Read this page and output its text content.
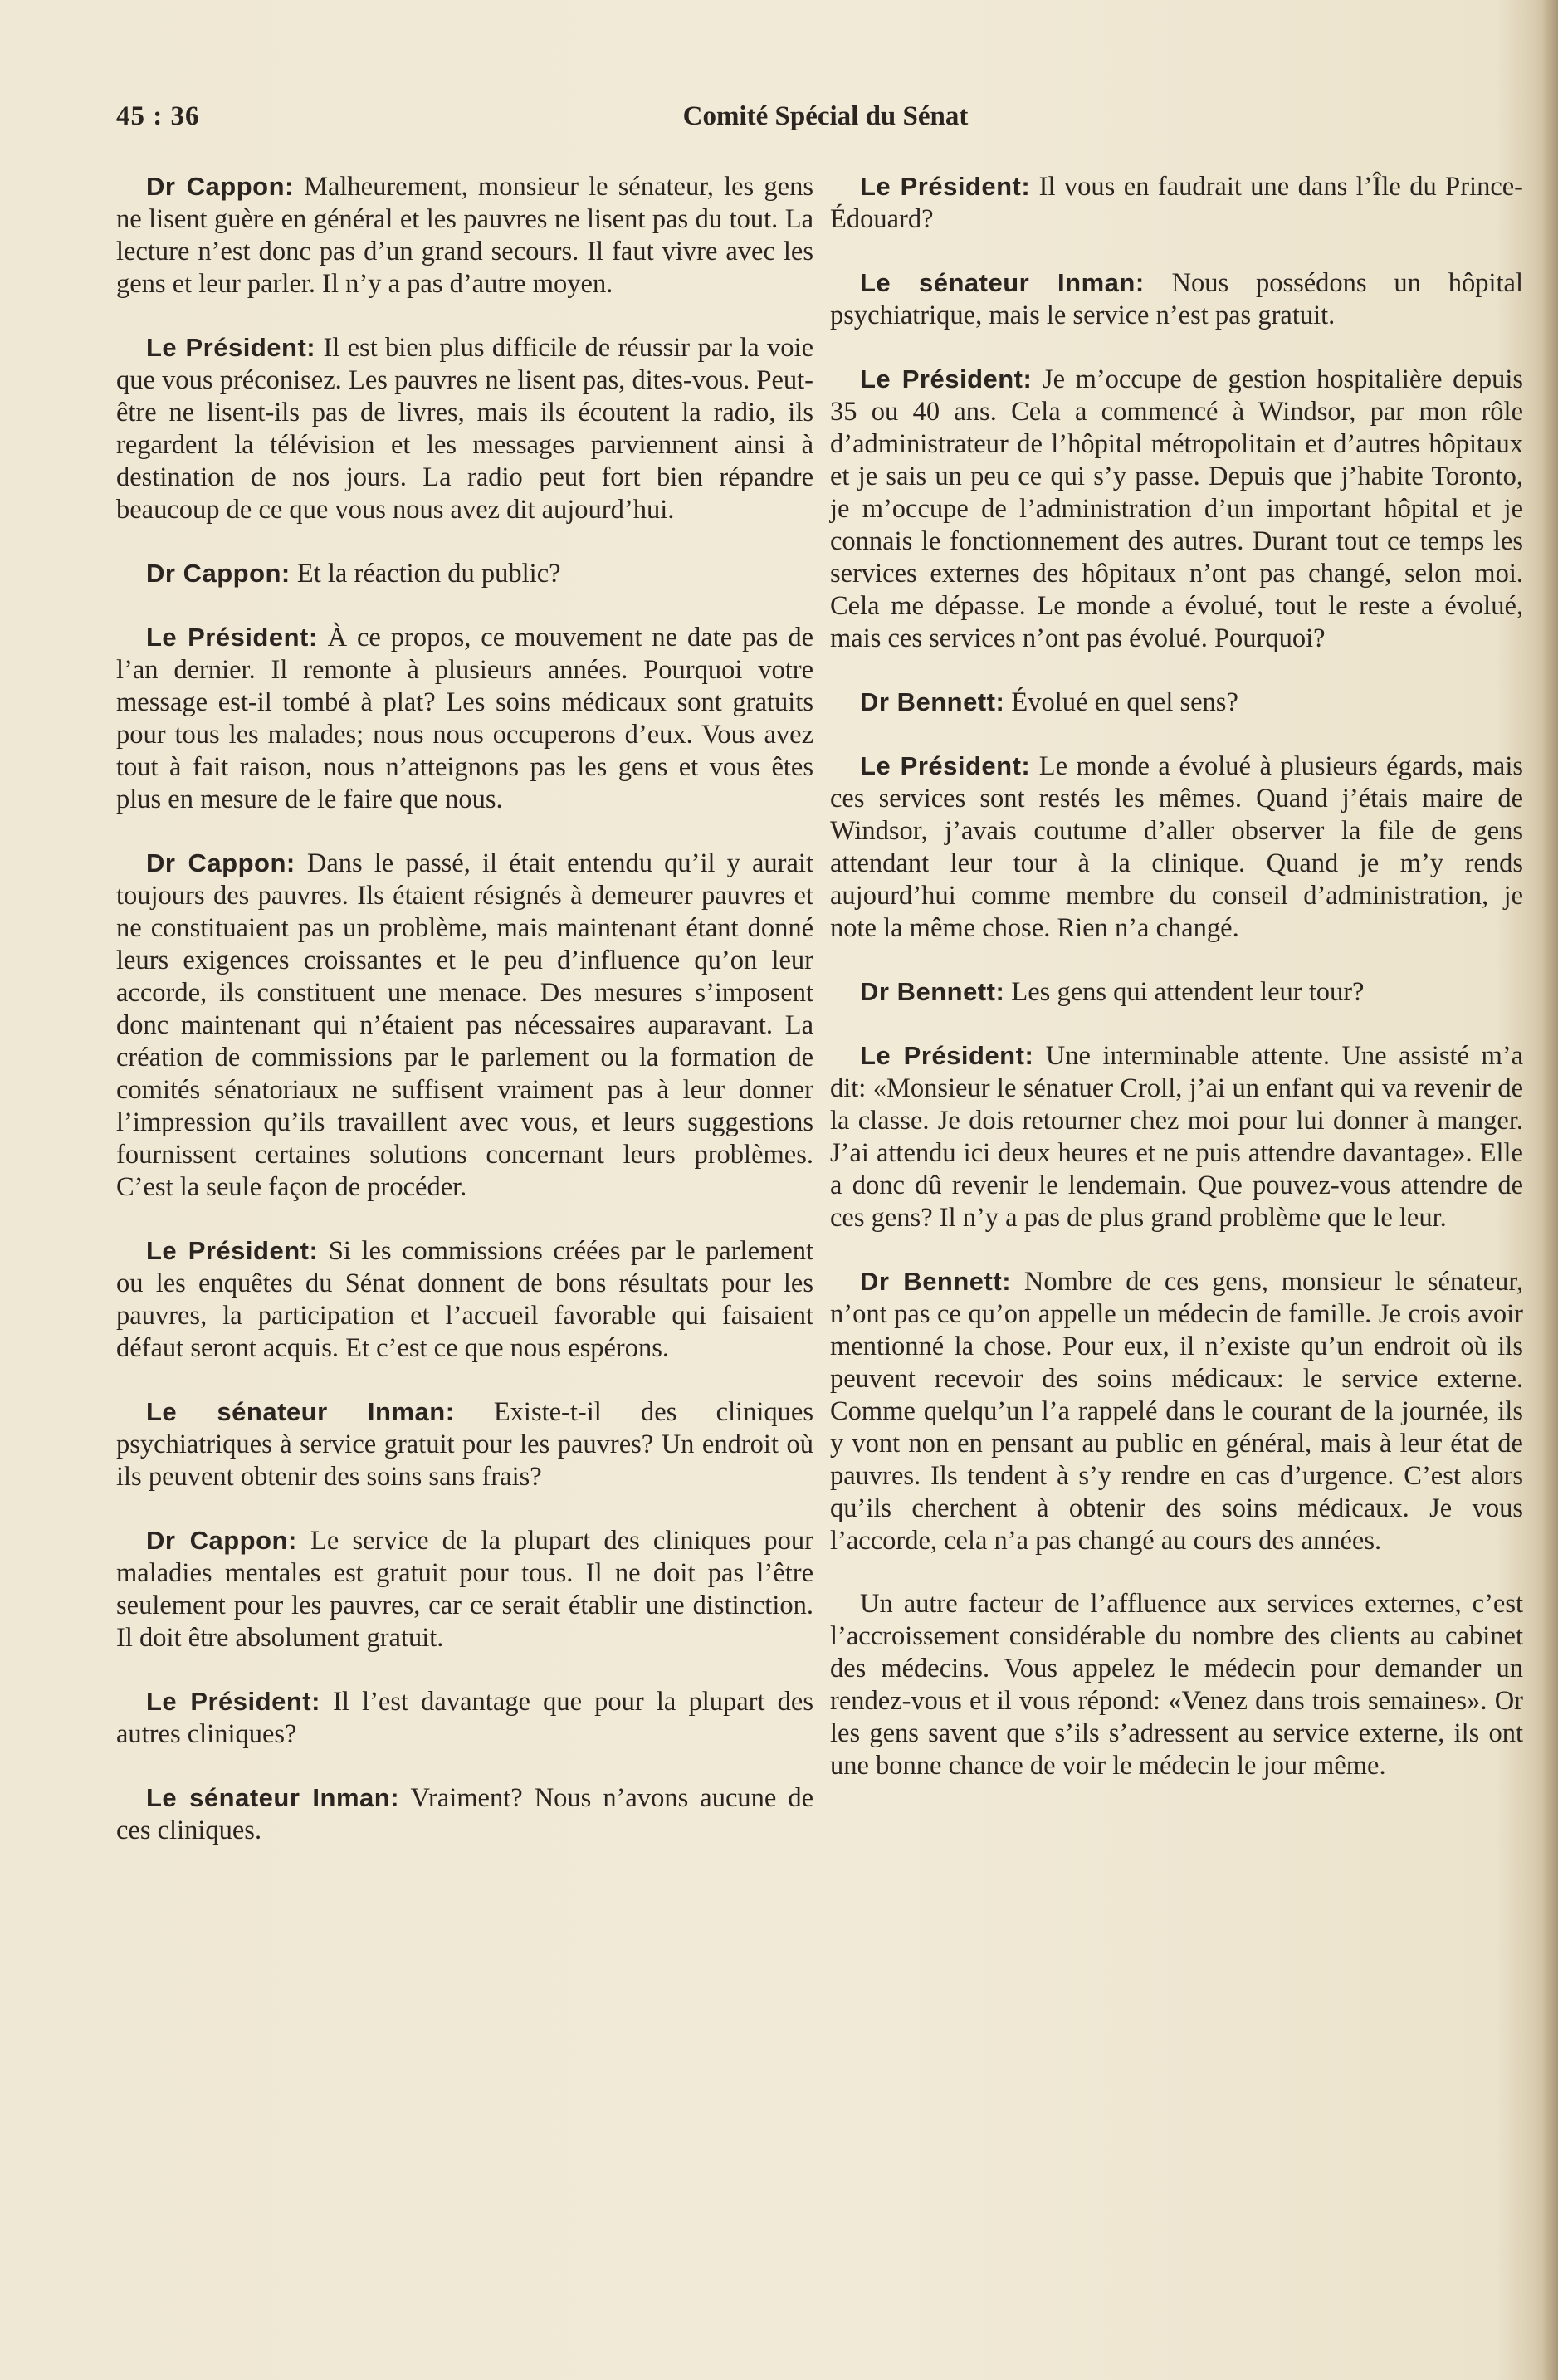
45 : 36	Comité Spécial du Sénat

Dr Cappon: Malheurement, monsieur le sénateur, les gens ne lisent guère en général et les pauvres ne lisent pas du tout. La lecture n’est donc pas d’un grand secours. Il faut vivre avec les gens et leur parler. Il n’y a pas d’autre moyen.

Le Président: Il est bien plus difficile de réussir par la voie que vous préconisez. Les pauvres ne lisent pas, dites-vous. Peut-être ne lisent-ils pas de livres, mais ils écoutent la radio, ils regardent la télévision et les messages parviennent ainsi à destination de nos jours. La radio peut fort bien répandre beaucoup de ce que vous nous avez dit aujourd’hui.

Dr Cappon: Et la réaction du public?

Le Président: À ce propos, ce mouvement ne date pas de l’an dernier. Il remonte à plusieurs années. Pourquoi votre message est-il tombé à plat? Les soins médicaux sont gratuits pour tous les malades; nous nous occuperons d’eux. Vous avez tout à fait raison, nous n’atteignons pas les gens et vous êtes plus en mesure de le faire que nous.

Dr Cappon: Dans le passé, il était entendu qu’il y aurait toujours des pauvres. Ils étaient résignés à demeurer pauvres et ne constituaient pas un problème, mais maintenant étant donné leurs exigences croissantes et le peu d’influence qu’on leur accorde, ils constituent une menace. Des mesures s’imposent donc maintenant qui n’étaient pas nécessaires auparavant. La création de commissions par le parlement ou la formation de comités sénatoriaux ne suffisent vraiment pas à leur donner l’impression qu’ils travaillent avec vous, et leurs suggestions fournissent certaines solutions concernant leurs problèmes. C’est la seule façon de procéder.

Le Président: Si les commissions créées par le parlement ou les enquêtes du Sénat donnent de bons résultats pour les pauvres, la participation et l’accueil favorable qui faisaient défaut seront acquis. Et c’est ce que nous espérons.

Le sénateur Inman: Existe-t-il des cliniques psychiatriques à service gratuit pour les pauvres? Un endroit où ils peuvent obtenir des soins sans frais?

Dr Cappon: Le service de la plupart des cliniques pour maladies mentales est gratuit pour tous. Il ne doit pas l’être seulement pour les pauvres, car ce serait établir une distinction. Il doit être absolument gratuit.

Le Président: Il l’est davantage que pour la plupart des autres cliniques?

Le sénateur Inman: Vraiment? Nous n’avons aucune de ces cliniques.

Le Président: Il vous en faudrait une dans l’Île du Prince-Édouard?

Le sénateur Inman: Nous possédons un hôpital psychiatrique, mais le service n’est pas gratuit.

Le Président: Je m’occupe de gestion hospitalière depuis 35 ou 40 ans. Cela a commencé à Windsor, par mon rôle d’administrateur de l’hôpital métropolitain et d’autres hôpitaux et je sais un peu ce qui s’y passe. Depuis que j’habite Toronto, je m’occupe de l’administration d’un important hôpital et je connais le fonctionnement des autres. Durant tout ce temps les services externes des hôpitaux n’ont pas changé, selon moi. Cela me dépasse. Le monde a évolué, tout le reste a évolué, mais ces services n’ont pas évolué. Pourquoi?

Dr Bennett: Évolué en quel sens?

Le Président: Le monde a évolué à plusieurs égards, mais ces services sont restés les mêmes. Quand j’étais maire de Windsor, j’avais coutume d’aller observer la file de gens attendant leur tour à la clinique. Quand je m’y rends aujourd’hui comme membre du conseil d’administration, je note la même chose. Rien n’a changé.

Dr Bennett: Les gens qui attendent leur tour?

Le Président: Une interminable attente. Une assisté m’a dit: «Monsieur le sénatuer Croll, j’ai un enfant qui va revenir de la classe. Je dois retourner chez moi pour lui donner à manger. J’ai attendu ici deux heures et ne puis attendre davantage». Elle a donc dû revenir le lendemain. Que pouvez-vous attendre de ces gens? Il n’y a pas de plus grand problème que le leur.

Dr Bennett: Nombre de ces gens, monsieur le sénateur, n’ont pas ce qu’on appelle un médecin de famille. Je crois avoir mentionné la chose. Pour eux, il n’existe qu’un endroit où ils peuvent recevoir des soins médicaux: le service externe. Comme quelqu’un l’a rappelé dans le courant de la journée, ils y vont non en pensant au public en général, mais à leur état de pauvres. Ils tendent à s’y rendre en cas d’urgence. C’est alors qu’ils cherchent à obtenir des soins médicaux. Je vous l’accorde, cela n’a pas changé au cours des années.

Un autre facteur de l’affluence aux services externes, c’est l’accroissement considérable du nombre des clients au cabinet des médecins. Vous appelez le médecin pour demander un rendez-vous et il vous répond: «Venez dans trois semaines». Or les gens savent que s’ils s’adressent au service externe, ils ont une bonne chance de voir le médecin le jour même.
